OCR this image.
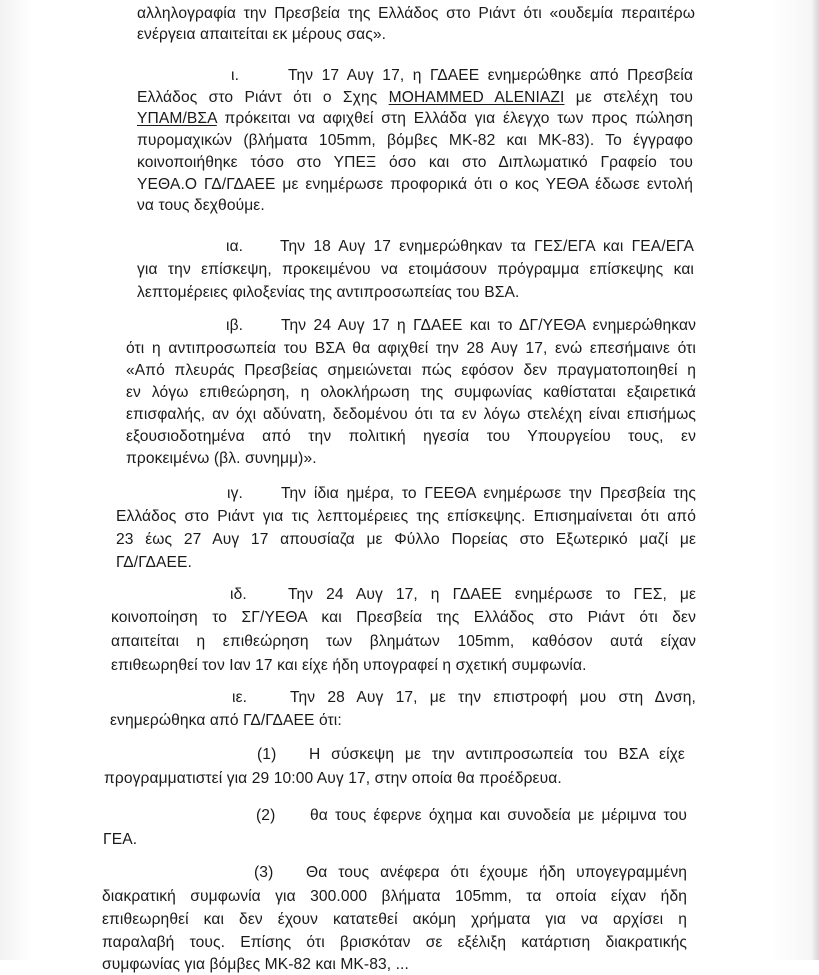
αλληλογραφία την Πρεσβεία της Ελλάδος στο Ριάντ ότι «ουδεμία περαιτέρω
ενέργεια απαιτείται εκ μέρους σας».
ι.	Την 17 Αυγ 17, η ΓΔΑΕΕ ενημερώθηκε από Πρεσβεία
Ελλάδος στο Ριάντ ότι ο Σχης MOHAMMED ALENIAZI με στελέχη του
ΥΠΑΜ/ΒΣΑ πρόκειται να αφιχθεί στη Ελλάδα για έλεγχο των προς πώληση
πυρομαχικών (βλήματα 105mm, βόμβες ΜΚ-82 και ΜΚ-83). Το έγγραφο
κοινοποιήθηκε τόσο στο ΥΠΕΞ όσο και στο Διπλωματικό Γραφείο του
ΥΕΘΑ.Ο ΓΔ/ΓΔΑΕΕ με ενημέρωσε προφορικά ότι ο κος ΥΕΘΑ έδωσε εντολή
να τους δεχθούμε.
ια. Την 18 Αυγ 17 ενημερώθηκαν τα ΓΕΣ/ΕΓΑ και ΓΕΑ/ΕΓΑ
για την επίσκεψη, προκειμένου να ετοιμάσουν πρόγραμμα επίσκεψης και
λεπτομέρειες φιλοξενίας της αντιπροσωπείας του ΒΣΑ.
ιβ. Την 24 Αυγ 17 η ΓΔΑΕΕ και το ΔΓ/ΥΕΘΑ ενημερώθηκαν
ότι η αντιπροσωπεία του ΒΣΑ θα αφιχθεί την 28 Αυγ 17, ενώ επεσήμαινε ότι
«Από πλευράς Πρεσβείας σημειώνεται πώς εφόσον δεν πραγματοποιηθεί η
εν λόγω επιθεώρηση, η ολοκλήρωση της συμφωνίας καθίσταται εξαιρετικά
επισφαλής, αν όχι αδύνατη, δεδομένου ότι τα εν λόγω στελέχη είναι επισήμως
εξουσιοδοτημένα από την πολιτική ηγεσία του Υπουργείου τους, εν
προκειμένω (βλ. συνημμ)».
ιγ. Την ίδια ημέρα, το ΓΕΕΘΑ ενημέρωσε την Πρεσβεία της
Ελλάδος στο Ριάντ για τις λεπτομέρειες της επίσκεψης. Επισημαίνεται ότι από
23 έως 27 Αυγ 17 απουσίαζα με Φύλλο Πορείας στο Εξωτερικό μαζί με
ΓΔ/ΓΔΑΕΕ.
ιδ.	Την 24 Αυγ 17, η ΓΔΑΕΕ ενημέρωσε το ΓΕΣ, με
κοινοποίηση το ΣΓ/ΥΕΘΑ και Πρεσβεία της Ελλάδος στο Ριάντ ότι δεν
απαιτείται η επιθεώρηση των βλημάτων 105mm, καθόσον αυτά είχαν
επιθεωρηθεί τον Ιαν 17 και είχε ήδη υπογραφεί η σχετική συμφωνία.
ιε.	Την 28 Αυγ 17, με την επιστροφή μου στη Δνση,
ενημερώθηκα από ΓΔ/ΓΔΑΕΕ ότι:
(1) Η σύσκεψη με την αντιπροσωπεία του ΒΣΑ είχε
προγραμματιστεί για 29 10:00 Αυγ 17, στην οποία θα προέδρευα.
(2) θα τους έφερνε όχημα και συνοδεία με μέριμνα του
ΓΕΑ.
(3) Θα τους ανέφερα ότι έχουμε ήδη υπογεγραμμένη
διακρατική συμφωνία για 300.000 βλήματα 105mm, τα οποία είχαν ήδη
επιθεωρηθεί και δεν έχουν κατατεθεί ακόμη χρήματα για να αρχίσει η
παραλαβή τους. Επίσης ότι βρισκόταν σε εξέλιξη κατάρτιση διακρατικής
συμφωνίας για βόμβες ΜΚ-82 και ΜΚ-83, ...
